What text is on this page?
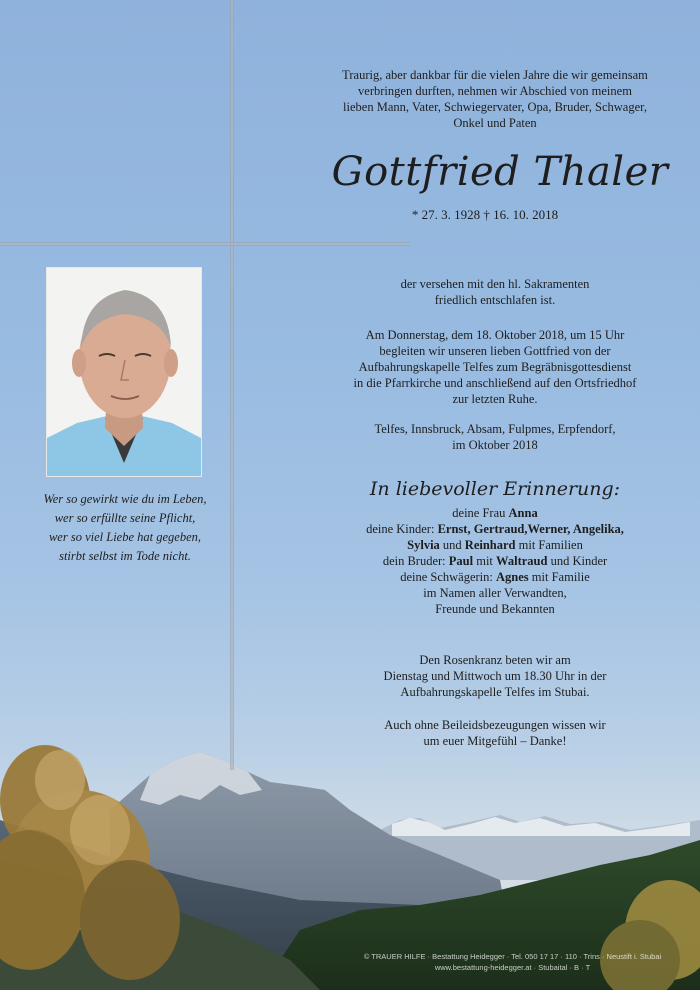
Wer so gewirkt wie du im Leben,
wer so erfüllte seine Pflicht,
wer so viel Liebe hat gegeben,
stirbt selbst im Tode nicht.
Traurig, aber dankbar für die vielen Jahre die wir gemeinsam
verbringen durften, nehmen wir Abschied von meinem
lieben Mann, Vater, Schwiegervater, Opa, Bruder, Schwager,
Onkel und Paten
Gottfried Thaler
* 27. 3. 1928 † 16. 10. 2018
der versehen mit den hl. Sakramenten
friedlich entschlafen ist.
Am Donnerstag, dem 18. Oktober 2018, um 15 Uhr
begleiten wir unseren lieben Gottfried von der
Aufbahrungskapelle Telfes zum Begräbnisgottesdienst
in die Pfarrkirche und anschließend auf den Ortsfriedhof
zur letzten Ruhe.
Telfes, Innsbruck, Absam, Fulpmes, Erpfendorf,
im Oktober 2018
In liebevoller Erinnerung:
deine Frau Anna
deine Kinder: Ernst, Gertraud,Werner, Angelika,
Sylvia und Reinhard mit Familien
dein Bruder: Paul mit Waltraud und Kinder
deine Schwägerin: Agnes mit Familie
im Namen aller Verwandten,
Freunde und Bekannten
Den Rosenkranz beten wir am
Dienstag und Mittwoch um 18.30 Uhr in der
Aufbahrungskapelle Telfes im Stubai.
Auch ohne Beileidsbezeugungen wissen wir
um euer Mitgefühl – Danke!
© TRAUER HILFE · Bestattung Heidegger · Tel. 050 17 17 · 110 · Trins · Neustift i. Stubai
www.bestattung-heidegger.at · Stubaital · B · T
